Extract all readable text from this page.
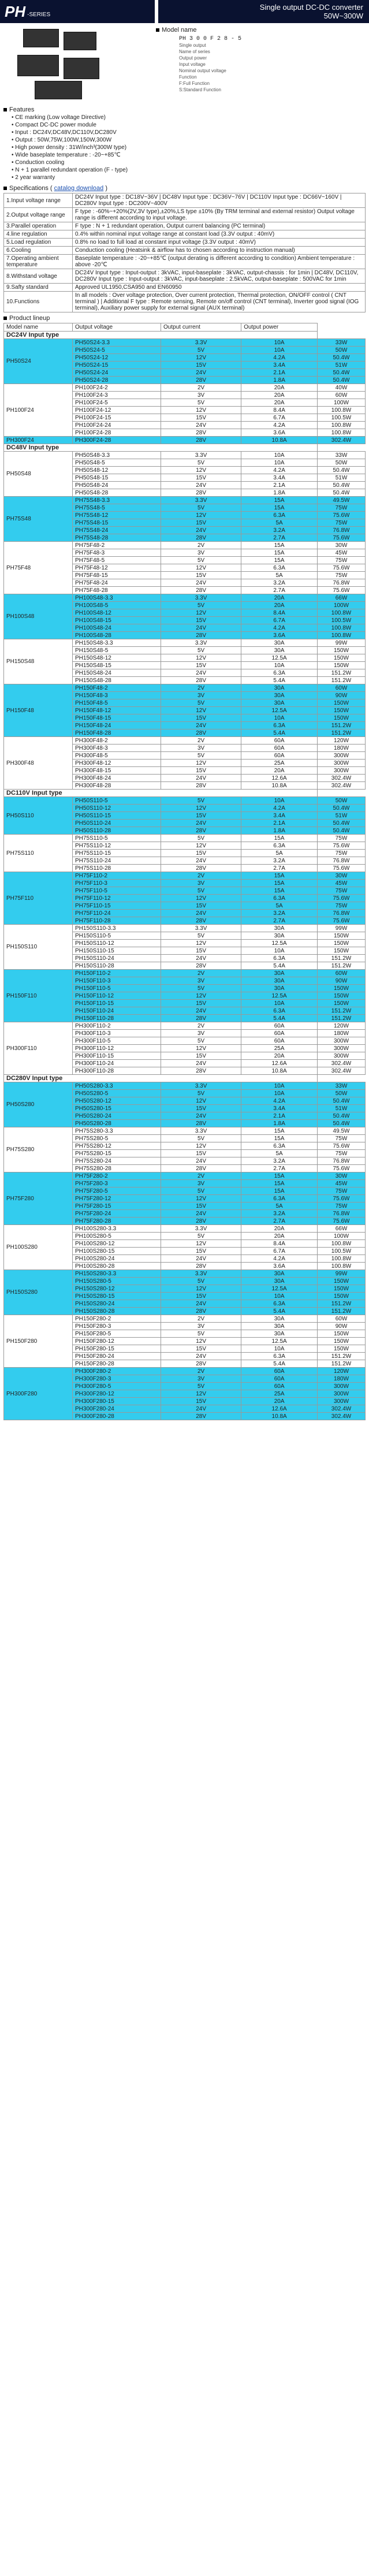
PH -SERIES
Single output DC-DC converter
50W~300W
Model name
PH 3 0 0 F 2 8 - 5
Single output
Name of series
Output power
Input voltage
Nominal output voltage
Function
F:Full Function
S:Standard Function
Features
• CE marking (Low voltage Directive)
• Compact DC-DC power module
• Input : DC24V,DC48V,DC110V,DC280V
• Output : 50W,75W,100W,150W,300W
• High power density : 31W/inch³(300W type)
• Wide baseplate temperature : -20~+85℃
• Conduction cooling
• N + 1 parallel redundant operation (F - type)
• 2 year warranty
Specifications ( catalog download )
1.Input voltage range	DC24V Input type : DC18V~36V | DC48V Input type : DC36V~76V | DC110V Input type : DC66V~160V | DC280V Input type : DC200V~400V
2.Output voltage range	F type : -60%~+20%(2V,3V type),±20%,LS type ±10% (By TRM terminal and external resistor) Output voltage range is different according to input voltage.
3.Parallel operation	F type : N + 1 redundant operation, Output current balancing (PC terminal)
4.line regulation	0.4% within nominal input voltage range at constant load (3.3V output : 40mV)
5.Load regulation	0.8% no load to full load at constant input voltage (3.3V output : 40mV)
6.Cooling	Conduction cooling (Heatsink & airflow has to chosen according to instruction manual)
7.Operating ambient temperature	Baseplate temperature : -20~+85℃ (output derating is different according to condition) Ambient temperature : above -20℃
8.Withstand voltage	DC24V Input type : Input-output : 3kVAC, input-baseplate : 3kVAC, output-chassis : for 1min | DC48V, DC110V, DC280V Input type : Input-output : 3kVAC, input-baseplate : 2.5kVAC, output-baseplate : 500VAC for 1min
9.Safty standard	Approved UL1950,CSA950 and EN60950
10.Functions	In all models : Over voltage protection, Over current protection, Thermal protection, ON/OFF control ( CNT terminal ) | Additional F type : Remote sensing, Remote on/off control (CNT terminal), Inverter good signal (IOG terminal), Auxiliary power supply for external signal (AUX terminal)
Product lineup
Model name	Output voltage	Output current	Output power	
DC24V Input type				
PH50S24	PH50S24-3.3	3.3V	10A	33W
	PH50S24-5	5V	10A	50W
	PH50S24-12	12V	4.2A	50.4W
	PH50S24-15	15V	3.4A	51W
	PH50S24-24	24V	2.1A	50.4W
	PH50S24-28	28V	1.8A	50.4W
PH100F24	PH100F24-2	2V	20A	40W
	PH100F24-3	3V	20A	60W
	PH100F24-5	5V	20A	100W
	PH100F24-12	12V	8.4A	100.8W
	PH100F24-15	15V	6.7A	100.5W
	PH100F24-24	24V	4.2A	100.8W
	PH100F24-28	28V	3.6A	100.8W
PH300F24	PH300F24-28	28V	10.8A	302.4W
DC48V Input type				
PH50S48	PH50S48-3.3	3.3V	10A	33W
	PH50S48-5	5V	10A	50W
	PH50S48-12	12V	4.2A	50.4W
	PH50S48-15	15V	3.4A	51W
	PH50S48-24	24V	2.1A	50.4W
	PH50S48-28	28V	1.8A	50.4W
PH75S48	PH75S48-3.3	3.3V	15A	49.5W
	PH75S48-5	5V	15A	75W
	PH75S48-12	12V	6.3A	75.6W
	PH75S48-15	15V	5A	75W
	PH75S48-24	24V	3.2A	76.8W
	PH75S48-28	28V	2.7A	75.6W
PH75F48	PH75F48-2	2V	15A	30W
	PH75F48-3	3V	15A	45W
	PH75F48-5	5V	15A	75W
	PH75F48-12	12V	6.3A	75.6W
	PH75F48-15	15V	5A	75W
	PH75F48-24	24V	3.2A	76.8W
	PH75F48-28	28V	2.7A	75.6W
PH100S48	PH100S48-3.3	3.3V	20A	66W
	PH100S48-5	5V	20A	100W
	PH100S48-12	12V	8.4A	100.8W
	PH100S48-15	15V	6.7A	100.5W
	PH100S48-24	24V	4.2A	100.8W
	PH100S48-28	28V	3.6A	100.8W
PH150S48	PH150S48-3.3	3.3V	30A	99W
	PH150S48-5	5V	30A	150W
	PH150S48-12	12V	12.5A	150W
	PH150S48-15	15V	10A	150W
	PH150S48-24	24V	6.3A	151.2W
	PH150S48-28	28V	5.4A	151.2W
PH150F48	PH150F48-2	2V	30A	60W
	PH150F48-3	3V	30A	90W
	PH150F48-5	5V	30A	150W
	PH150F48-12	12V	12.5A	150W
	PH150F48-15	15V	10A	150W
	PH150F48-24	24V	6.3A	151.2W
	PH150F48-28	28V	5.4A	151.2W
PH300F48	PH300F48-2	2V	60A	120W
	PH300F48-3	3V	60A	180W
	PH300F48-5	5V	60A	300W
	PH300F48-12	12V	25A	300W
	PH300F48-15	15V	20A	300W
	PH300F48-24	24V	12.6A	302.4W
	PH300F48-28	28V	10.8A	302.4W
DC110V Input type				
PH50S110	PH50S110-5	5V	10A	50W
	PH50S110-12	12V	4.2A	50.4W
	PH50S110-15	15V	3.4A	51W
	PH50S110-24	24V	2.1A	50.4W
	PH50S110-28	28V	1.8A	50.4W
PH75S110	PH75S110-5	5V	15A	75W
	PH75S110-12	12V	6.3A	75.6W
	PH75S110-15	15V	5A	75W
	PH75S110-24	24V	3.2A	76.8W
	PH75S110-28	28V	2.7A	75.6W
PH75F110	PH75F110-2	2V	15A	30W
	PH75F110-3	3V	15A	45W
	PH75F110-5	5V	15A	75W
	PH75F110-12	12V	6.3A	75.6W
	PH75F110-15	15V	5A	75W
	PH75F110-24	24V	3.2A	76.8W
	PH75F110-28	28V	2.7A	75.6W
PH150S110	PH150S110-3.3	3.3V	30A	99W
	PH150S110-5	5V	30A	150W
	PH150S110-12	12V	12.5A	150W
	PH150S110-15	15V	10A	150W
	PH150S110-24	24V	6.3A	151.2W
	PH150S110-28	28V	5.4A	151.2W
PH150F110	PH150F110-2	2V	30A	60W
	PH150F110-3	3V	30A	90W
	PH150F110-5	5V	30A	150W
	PH150F110-12	12V	12.5A	150W
	PH150F110-15	15V	10A	150W
	PH150F110-24	24V	6.3A	151.2W
	PH150F110-28	28V	5.4A	151.2W
PH300F110	PH300F110-2	2V	60A	120W
	PH300F110-3	3V	60A	180W
	PH300F110-5	5V	60A	300W
	PH300F110-12	12V	25A	300W
	PH300F110-15	15V	20A	300W
	PH300F110-24	24V	12.6A	302.4W
	PH300F110-28	28V	10.8A	302.4W
DC280V Input type				
PH50S280	PH50S280-3.3	3.3V	10A	33W
	PH50S280-5	5V	10A	50W
	PH50S280-12	12V	4.2A	50.4W
	PH50S280-15	15V	3.4A	51W
	PH50S280-24	24V	2.1A	50.4W
	PH50S280-28	28V	1.8A	50.4W
PH75S280	PH75S280-3.3	3.3V	15A	49.5W
	PH75S280-5	5V	15A	75W
	PH75S280-12	12V	6.3A	75.6W
	PH75S280-15	15V	5A	75W
	PH75S280-24	24V	3.2A	76.8W
	PH75S280-28	28V	2.7A	75.6W
PH75F280	PH75F280-2	2V	15A	30W
	PH75F280-3	3V	15A	45W
	PH75F280-5	5V	15A	75W
	PH75F280-12	12V	6.3A	75.6W
	PH75F280-15	15V	5A	75W
	PH75F280-24	24V	3.2A	76.8W
	PH75F280-28	28V	2.7A	75.6W
PH100S280	PH100S280-3.3	3.3V	20A	66W
	PH100S280-5	5V	20A	100W
	PH100S280-12	12V	8.4A	100.8W
	PH100S280-15	15V	6.7A	100.5W
	PH100S280-24	24V	4.2A	100.8W
	PH100S280-28	28V	3.6A	100.8W
PH150S280	PH150S280-3.3	3.3V	30A	99W
	PH150S280-5	5V	30A	150W
	PH150S280-12	12V	12.5A	150W
	PH150S280-15	15V	10A	150W
	PH150S280-24	24V	6.3A	151.2W
	PH150S280-28	28V	5.4A	151.2W
PH150F280	PH150F280-2	2V	30A	60W
	PH150F280-3	3V	30A	90W
	PH150F280-5	5V	30A	150W
	PH150F280-12	12V	12.5A	150W
	PH150F280-15	15V	10A	150W
	PH150F280-24	24V	6.3A	151.2W
	PH150F280-28	28V	5.4A	151.2W
PH300F280	PH300F280-2	2V	60A	120W
	PH300F280-3	3V	60A	180W
	PH300F280-5	5V	60A	300W
	PH300F280-12	12V	25A	300W
	PH300F280-15	15V	20A	300W
	PH300F280-24	24V	12.6A	302.4W
	PH300F280-28	28V	10.8A	302.4W
